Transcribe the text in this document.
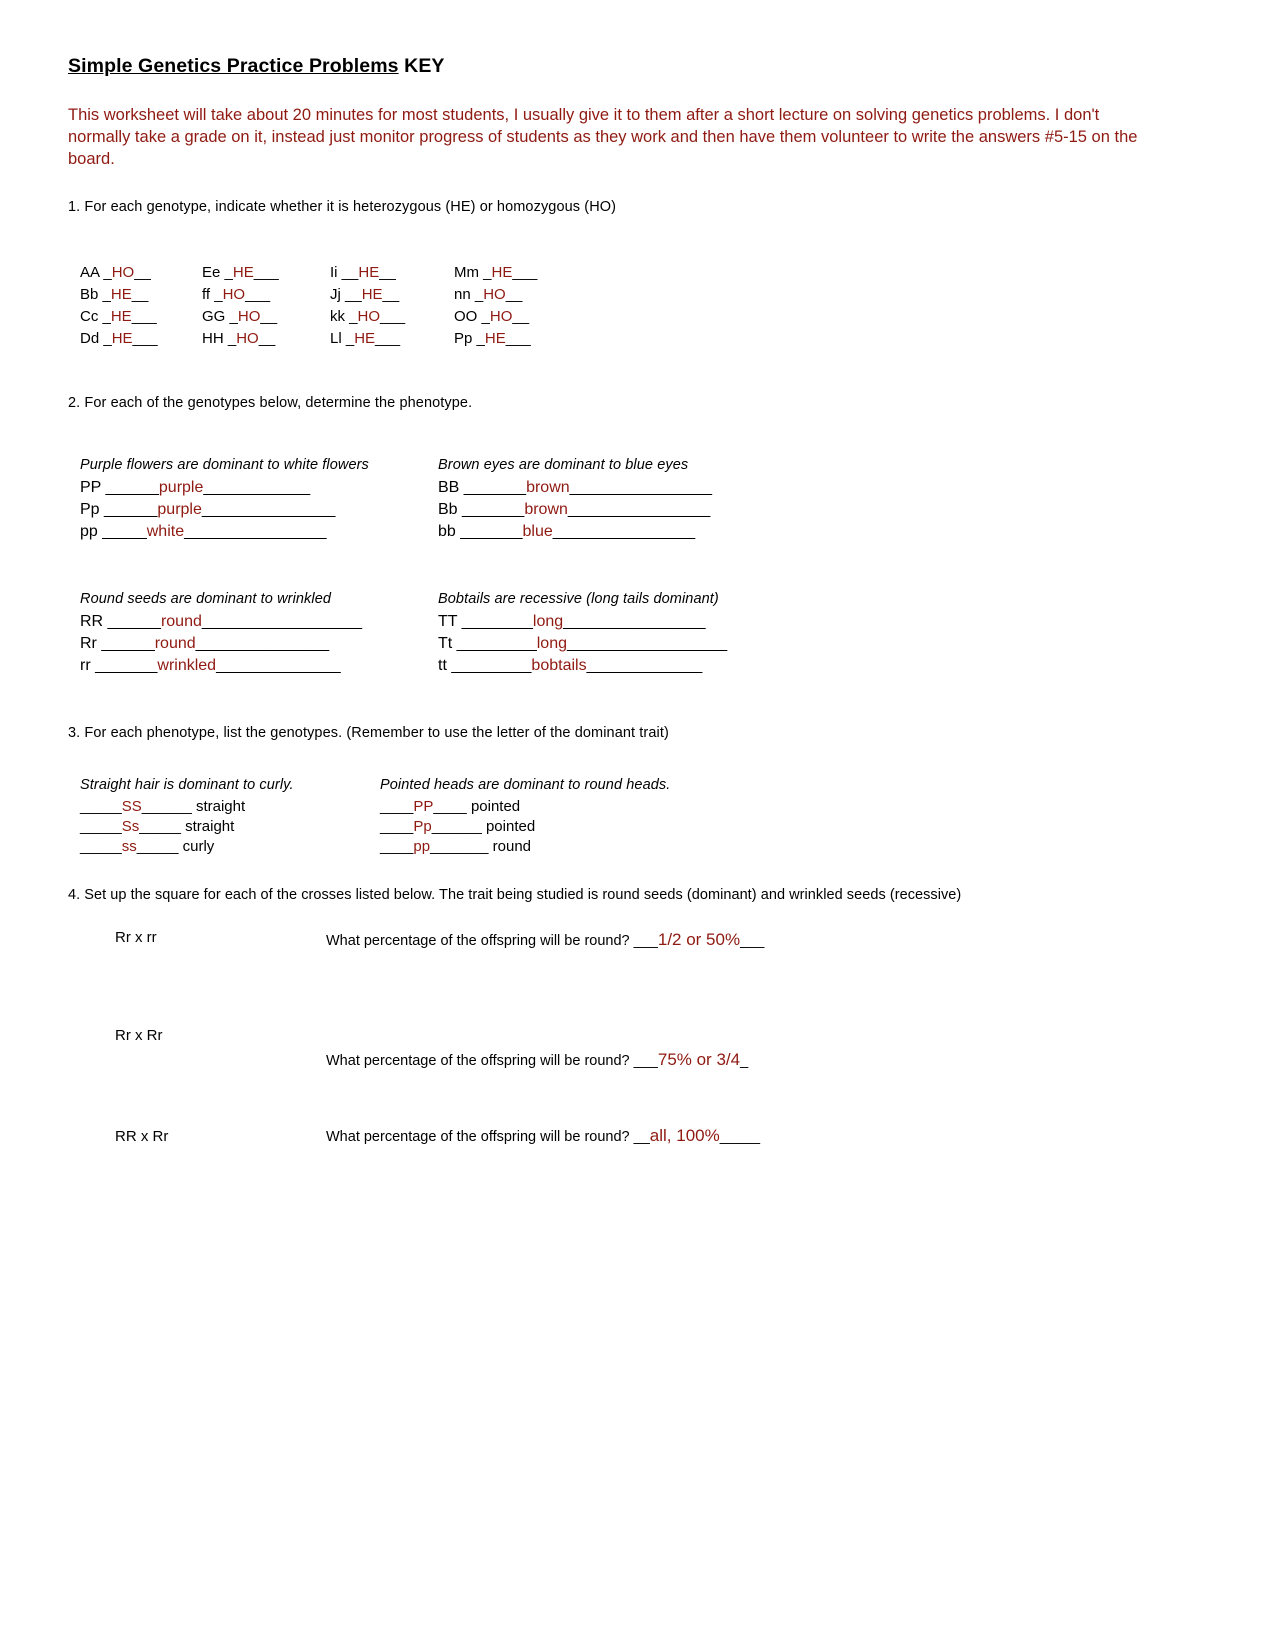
Simple Genetics Practice Problems KEY

This worksheet will take about 20 minutes for most students, I usually give it to them after a short lecture on solving genetics problems. I don't normally take a grade on it, instead just monitor progress of students as they work and then have them volunteer to write the answers #5-15 on the board.

1. For each genotype, indicate whether it is heterozygous (HE) or homozygous (HO)
AA _HO__	Ee _HE___	Ii __HE__	Mm _HE___
Bb _HE__	ff _HO___	Jj __HE__	nn _HO__
Cc _HE___	GG _HO__	kk _HO___	OO _HO__
Dd _HE___	HH _HO__	Ll _HE___	Pp _HE___
2. For each of the genotypes below, determine the phenotype.
Purple flowers are dominant to white flowers
PP ______purple____________
Pp ______purple_______________
pp _____white________________
Brown eyes are dominant to blue eyes
BB _______brown________________
Bb _______brown________________
bb _______blue________________
Round seeds are dominant to wrinkled
RR ______round__________________
Rr ______round_______________
rr _______wrinkled______________
Bobtails are recessive (long tails dominant)
TT ________long________________
Tt _________long__________________
tt _________bobtails_____________
3. For each phenotype, list the genotypes. (Remember to use the letter of the dominant trait)
Straight hair is dominant to curly.
_____SS______ straight
_____Ss_____ straight
_____ss_____ curly
Pointed heads are dominant to round heads.
____PP____ pointed
____Pp______ pointed
____pp_______ round
4. Set up the square for each of the crosses listed below. The trait being studied is round seeds (dominant) and wrinkled seeds (recessive)
Rr x rr	What percentage of the offspring will be round? ___1/2 or 50%___
Rr x Rr
What percentage of the offspring will be round? ___75% or 3/4_
RR x Rr	What percentage of the offspring will be round? __all, 100%_____
